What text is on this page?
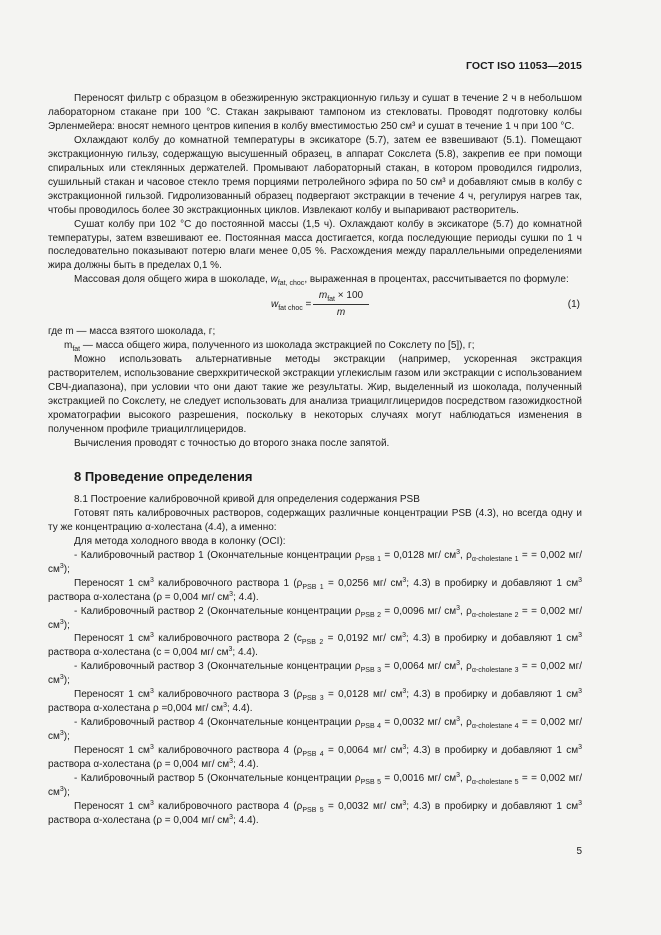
ГОСТ ISO 11053—2015

Переносят фильтр с образцом в обезжиренную экстракционную гильзу и сушат в течение 2 ч в небольшом лабораторном стакане при 100 °С. Стакан закрывают тампоном из стекловаты. Проводят подготовку колбы Эрленмейера: вносят немного центров кипения в колбу вместимостью 250 см³ и сушат в течение 1 ч при 100 °С.

Охлаждают колбу до комнатной температуры в эксикаторе (5.7), затем ее взвешивают (5.1). Помещают экстракционную гильзу, содержащую высушенный образец, в аппарат Сокслета (5.8), закрепив ее при помощи спиральных или стеклянных держателей. Промывают лабораторный стакан, в котором проводился гидролиз, сушильный стакан и часовое стекло тремя порциями петролейного эфира по 50 см³ и добавляют смыв в колбу с экстракционной гильзой. Гидролизованный образец подвергают экстракции в течение 4 ч, регулируя нагрев так, чтобы проводилось более 30 экстракционных циклов. Извлекают колбу и выпаривают растворитель.

Сушат колбу при 102 °С до постоянной массы (1,5 ч). Охлаждают колбу в эксикаторе (5.7) до комнатной температуры, затем взвешивают ее. Постоянная масса достигается, когда последующие периоды сушки по 1 ч последовательно показывают потерю влаги менее 0,05 %. Расхождения между параллельными определениями жира должны быть в пределах 0,1 %.

Массовая доля общего жира в шоколаде, $w_{fat, choc}$, выраженная в процентах, рассчитывается по формуле:

$w_{fat choc}$ =
$m_{fat} \times 100$
m
(1)

где m — масса взятого шоколада, г;

$m_{fat}$ — масса общего жира, полученного из шоколада экстракцией по Сокслету по [5]), г;

Можно использовать альтернативные методы экстракции (например, ускоренная экстракция растворителем, использование сверхкритической экстракции углекислым газом или экстракции с использованием СВЧ-диапазона), при условии что они дают такие же результаты. Жир, выделенный из шоколада, полученный экстракцией по Сокслету, не следует использовать для анализа триацилглицеридов посредством газожидкостной хроматографии высокого разрешения, поскольку в некоторых случаях могут наблюдаться изменения в полученном профиле триацилглицеридов.

Вычисления проводят с точностью до второго знака после запятой.

8 Проведение определения

8.1 Построение калибровочной кривой для определения содержания PSB

Готовят пять калибровочных растворов, содержащих различные концентрации PSB (4.3), но всегда одну и ту же концентрацию α-холестана (4.4), а именно:

Для метода холодного ввода в колонку (OCI):

- Калибровочный раствор 1 (Окончательные концентрации $\rho_{PSB 1} = 0,0128$ мг/ $см^3$, $\rho_{\alpha-cholestane 1}$ = = 0,002 мг/ $см^3$);

Переносят 1 $см^3$ калибровочного раствора 1 ($\rho_{PSB 1} = 0,0256$ мг/ $см^3$; 4.3) в пробирку и добавляют 1 $см^3$ раствора α-холестана (ρ = 0,004 мг/ $см^3$; 4.4).

- Калибровочный раствор 2 (Окончательные концентрации $\rho_{PSB 2} = 0,0096$ мг/ $см^3$, $\rho_{\alpha-cholestane 2}$ = = 0,002 мг/ $см^3$);

Переносят 1 $см^3$ калибровочного раствора 2 ($c_{PSB 2} = 0,0192$ мг/ $см^3$; 4.3) в пробирку и добавляют 1 $см^3$ раствора α-холестана (c = 0,004 мг/ $см^3$; 4.4).

- Калибровочный раствор 3 (Окончательные концентрации $\rho_{PSB 3} = 0,0064$ мг/ $см^3$, $\rho_{\alpha-cholestane 3}$ = = 0,002 мг/ $см^3$);

Переносят 1 $см^3$ калибровочного раствора 3 ($\rho_{PSB 3} = 0,0128$ мг/ $см^3$; 4.3) в пробирку и добавляют 1 $см^3$ раствора α-холестана ρ =0,004 мг/ $см^3$; 4.4).

- Калибровочный раствор 4 (Окончательные концентрации $\rho_{PSB 4} = 0,0032$ мг/ $см^3$, $\rho_{\alpha-cholestane 4}$ = = 0,002 мг/ $см^3$);

Переносят 1 $см^3$ калибровочного раствора 4 ($\rho_{PSB 4} = 0,0064$ мг/ $см^3$; 4.3) в пробирку и добавляют 1 $см^3$ раствора α-холестана (ρ = 0,004 мг/ $см^3$; 4.4).

- Калибровочный раствор 5 (Окончательные концентрации $\rho_{PSB 5} = 0,0016$ мг/ $см^3$, $\rho_{\alpha-cholestane 5}$ = = 0,002 мг/ $см^3$);

Переносят 1 $см^3$ калибровочного раствора 4 ($\rho_{PSB 5} = 0,0032$ мг/ $см^3$; 4.3) в пробирку и добавляют 1 $см^3$ раствора α-холестана (ρ = 0,004 мг/ $см^3$; 4.4).

5
